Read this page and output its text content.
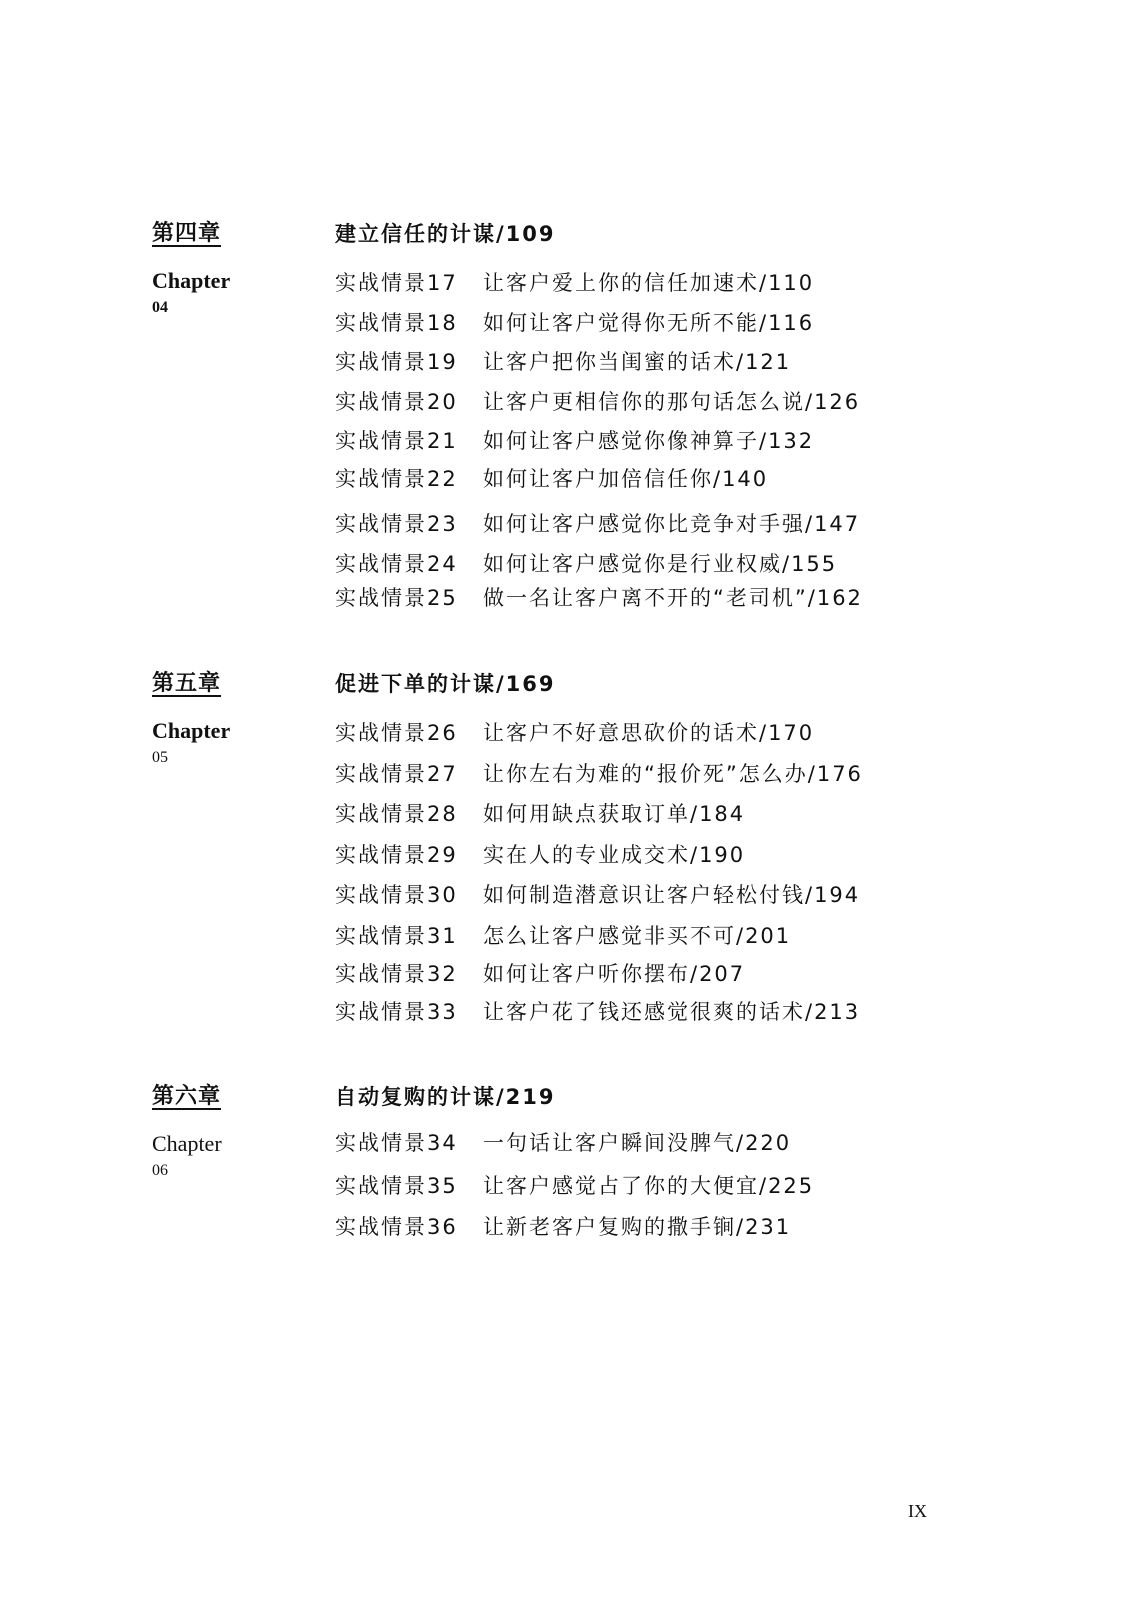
第四章	建立信任的计谋/109
Chapter
04
实战情景17 让客户爱上你的信任加速术/110
实战情景18 如何让客户觉得你无所不能/116
实战情景19 让客户把你当闺蜜的话术/121
实战情景20 让客户更相信你的那句话怎么说/126
实战情景21 如何让客户感觉你像神算子/132
实战情景22 如何让客户加倍信任你/140
实战情景23 如何让客户感觉你比竞争对手强/147
实战情景24 如何让客户感觉你是行业权威/155
实战情景25 做一名让客户离不开的“老司机”/162
第五章	促进下单的计谋/169
Chapter
05
实战情景26 让客户不好意思砍价的话术/170
实战情景27 让你左右为难的“报价死”怎么办/176
实战情景28 如何用缺点获取订单/184
实战情景29 实在人的专业成交术/190
实战情景30 如何制造潜意识让客户轻松付钱/194
实战情景31 怎么让客户感觉非买不可/201
实战情景32 如何让客户听你摆布/207
实战情景33 让客户花了钱还感觉很爽的话术/213
第六章	自动复购的计谋/219
Chapter
06
实战情景34 一句话让客户瞬间没脾气/220
实战情景35 让客户感觉占了你的大便宜/225
实战情景36 让新老客户复购的撒手锏/231
IX
